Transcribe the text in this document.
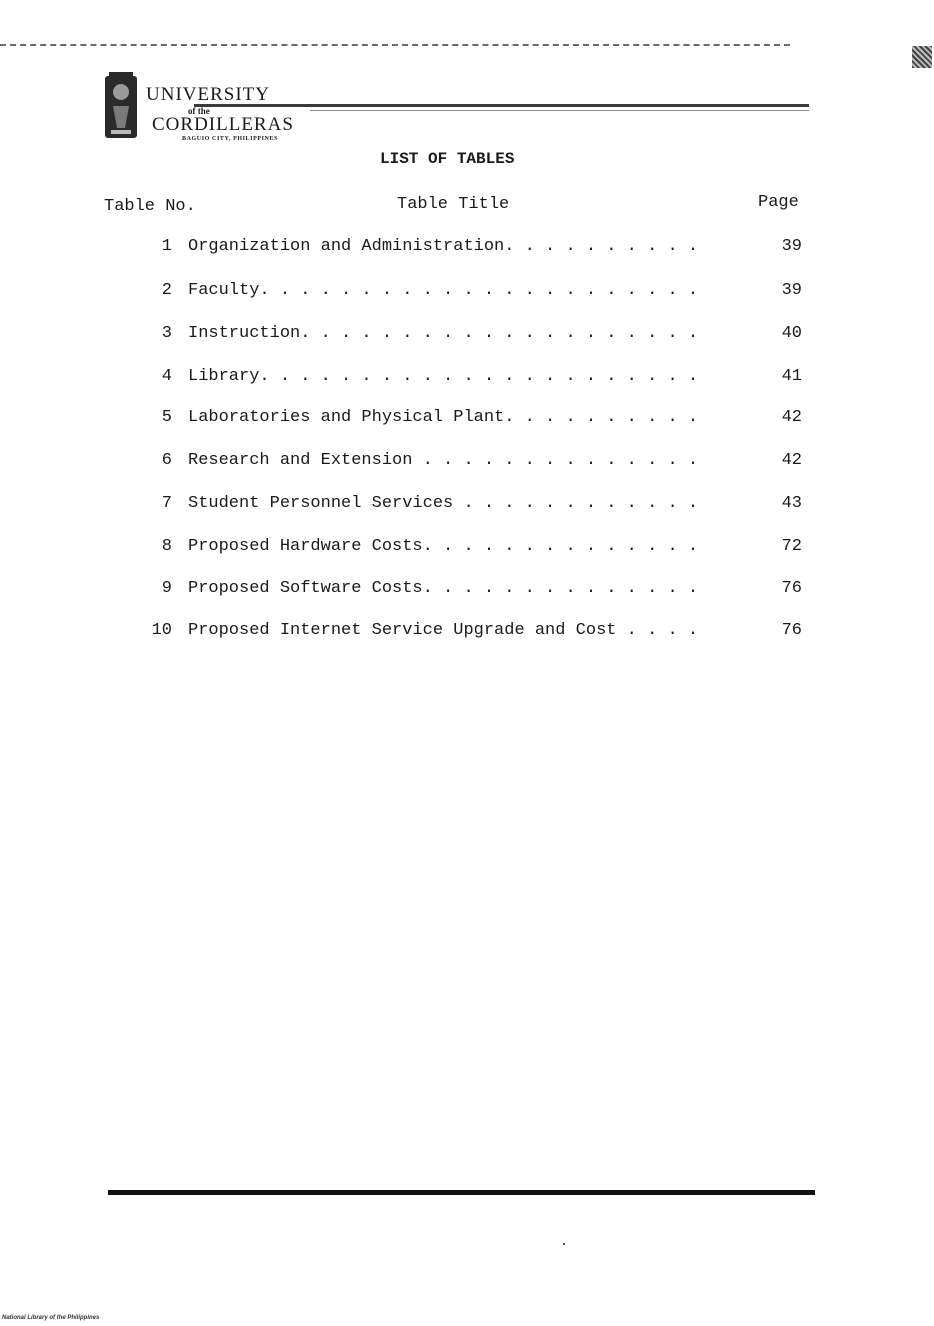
UNIVERSITY
of the
CORDILLERAS
BAGUIO CITY, PHILIPPINES
LIST OF TABLES
Table No.	Table Title	Page
1 Organization and Administration. . . . . . . . . .	39
2 Faculty. . . . . . . . . . . . . . . . . . . . . .	39
3 Instruction. . . . . . . . . . . . . . . . . . . .	40
4 Library. . . . . . . . . . . . . . . . . . . . . .	41
5 Laboratories and Physical Plant. . . . . . . . . .	42
6 Research and Extension . . . . . . . . . . . . . .	42
7 Student Personnel Services . . . . . . . . . . . .	43
8 Proposed Hardware Costs. . . . . . . . . . . . . .	72
9 Proposed Software Costs. . . . . . . . . . . . . .	76
10 Proposed Internet Service Upgrade and Cost . . . .	76
National Library of the Philippines
